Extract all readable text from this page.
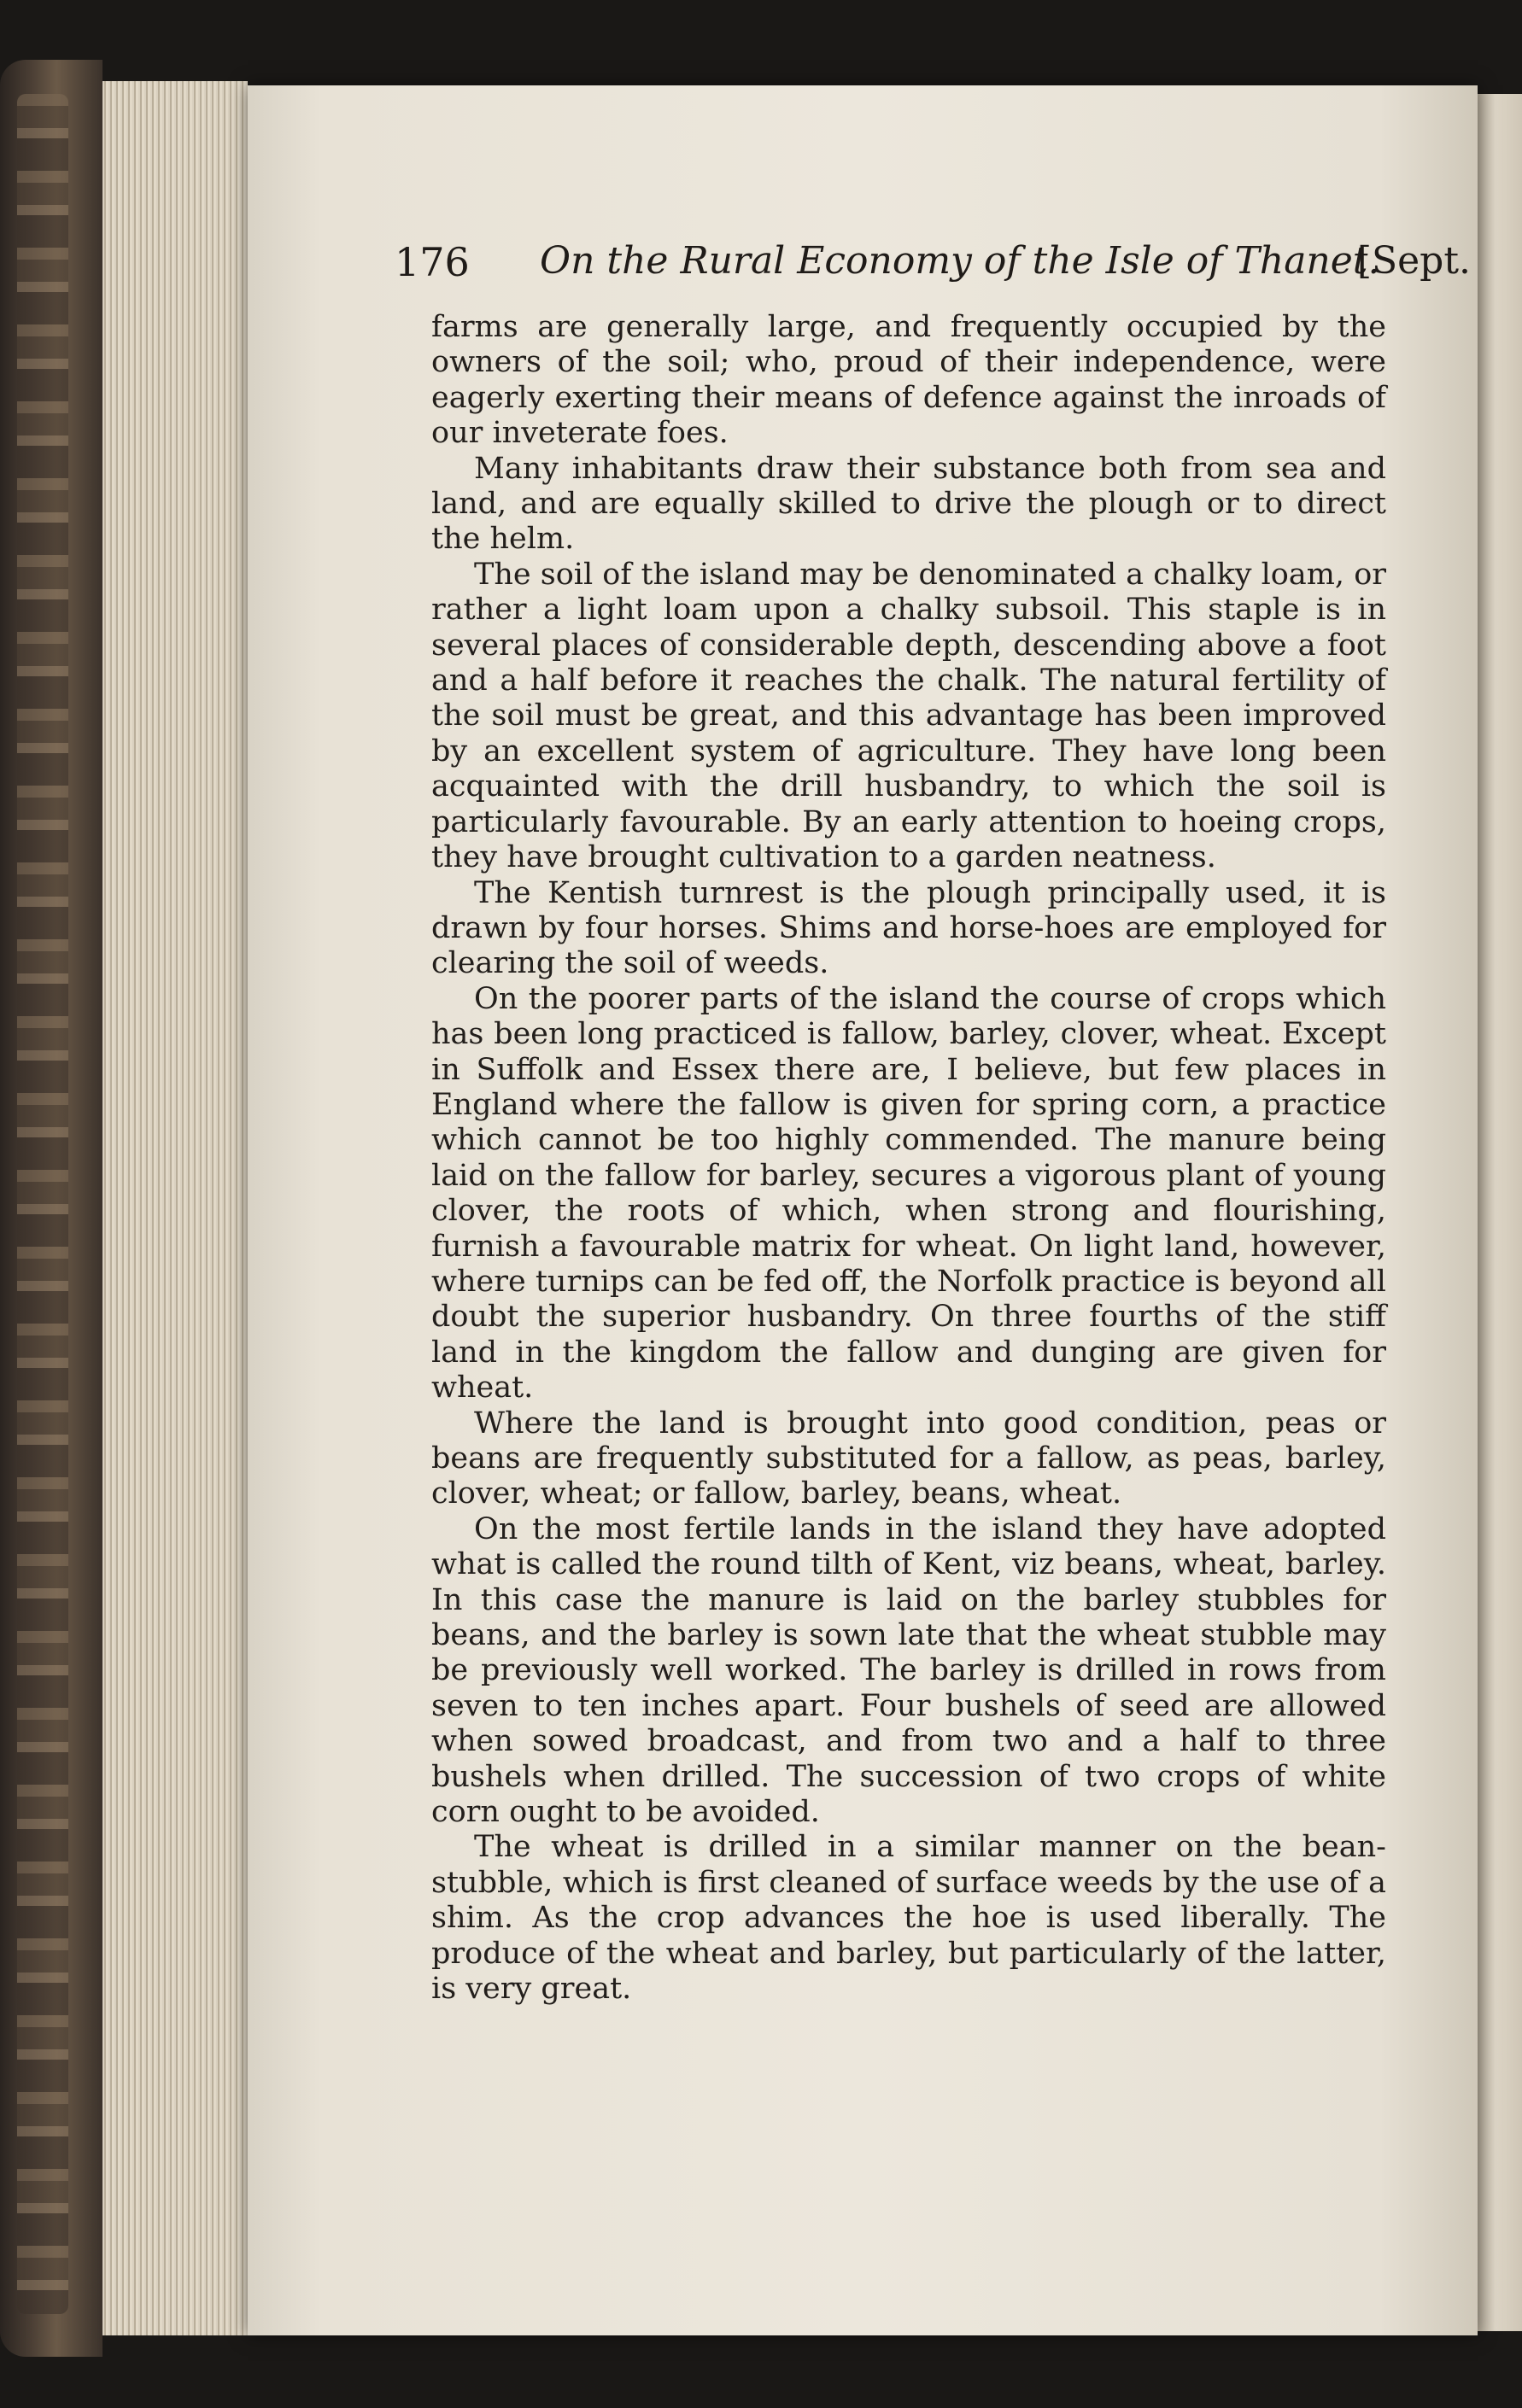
176 On the Rural Economy of the Isle of Thanet.
[Sept.

farms are generally large, and frequently occupied by the owners of the soil; who, proud of their independence, were eagerly exerting their means of defence against the inroads of our inveterate foes.

Many inhabitants draw their substance both from sea and land, and are equally skilled to drive the plough or to direct the helm.

The soil of the island may be denominated a chalky loam, or rather a light loam upon a chalky subsoil. This staple is in several places of considerable depth, descending above a foot and a half before it reaches the chalk. The natural fertility of the soil must be great, and this advantage has been improved by an excellent system of agriculture. They have long been acquainted with the drill husbandry, to which the soil is particularly favourable. By an early attention to hoeing crops, they have brought cultivation to a garden neatness.

The Kentish turnrest is the plough principally used, it is drawn by four horses. Shims and horse-hoes are employed for clearing the soil of weeds.

On the poorer parts of the island the course of crops which has been long practiced is fallow, barley, clover, wheat. Except in Suffolk and Essex there are, I believe, but few places in England where the fallow is given for spring corn, a practice which cannot be too highly commended. The manure being laid on the fallow for barley, secures a vigorous plant of young clover, the roots of which, when strong and flourishing, furnish a favourable matrix for wheat. On light land, however, where turnips can be fed off, the Norfolk practice is beyond all doubt the superior husbandry. On three fourths of the stiff land in the kingdom the fallow and dunging are given for wheat.

Where the land is brought into good condition, peas or beans are frequently substituted for a fallow, as peas, barley, clover, wheat; or fallow, barley, beans, wheat.

On the most fertile lands in the island they have adopted what is called the round tilth of Kent, viz beans, wheat, barley. In this case the manure is laid on the barley stubbles for beans, and the barley is sown late that the wheat stubble may be previously well worked. The barley is drilled in rows from seven to ten inches apart. Four bushels of seed are allowed when sowed broadcast, and from two and a half to three bushels when drilled. The succession of two crops of white corn ought to be avoided.

The wheat is drilled in a similar manner on the bean-stubble, which is first cleaned of surface weeds by the use of a shim. As the crop advances the hoe is used liberally. The produce of the wheat and barley, but particularly of the latter, is very great.
